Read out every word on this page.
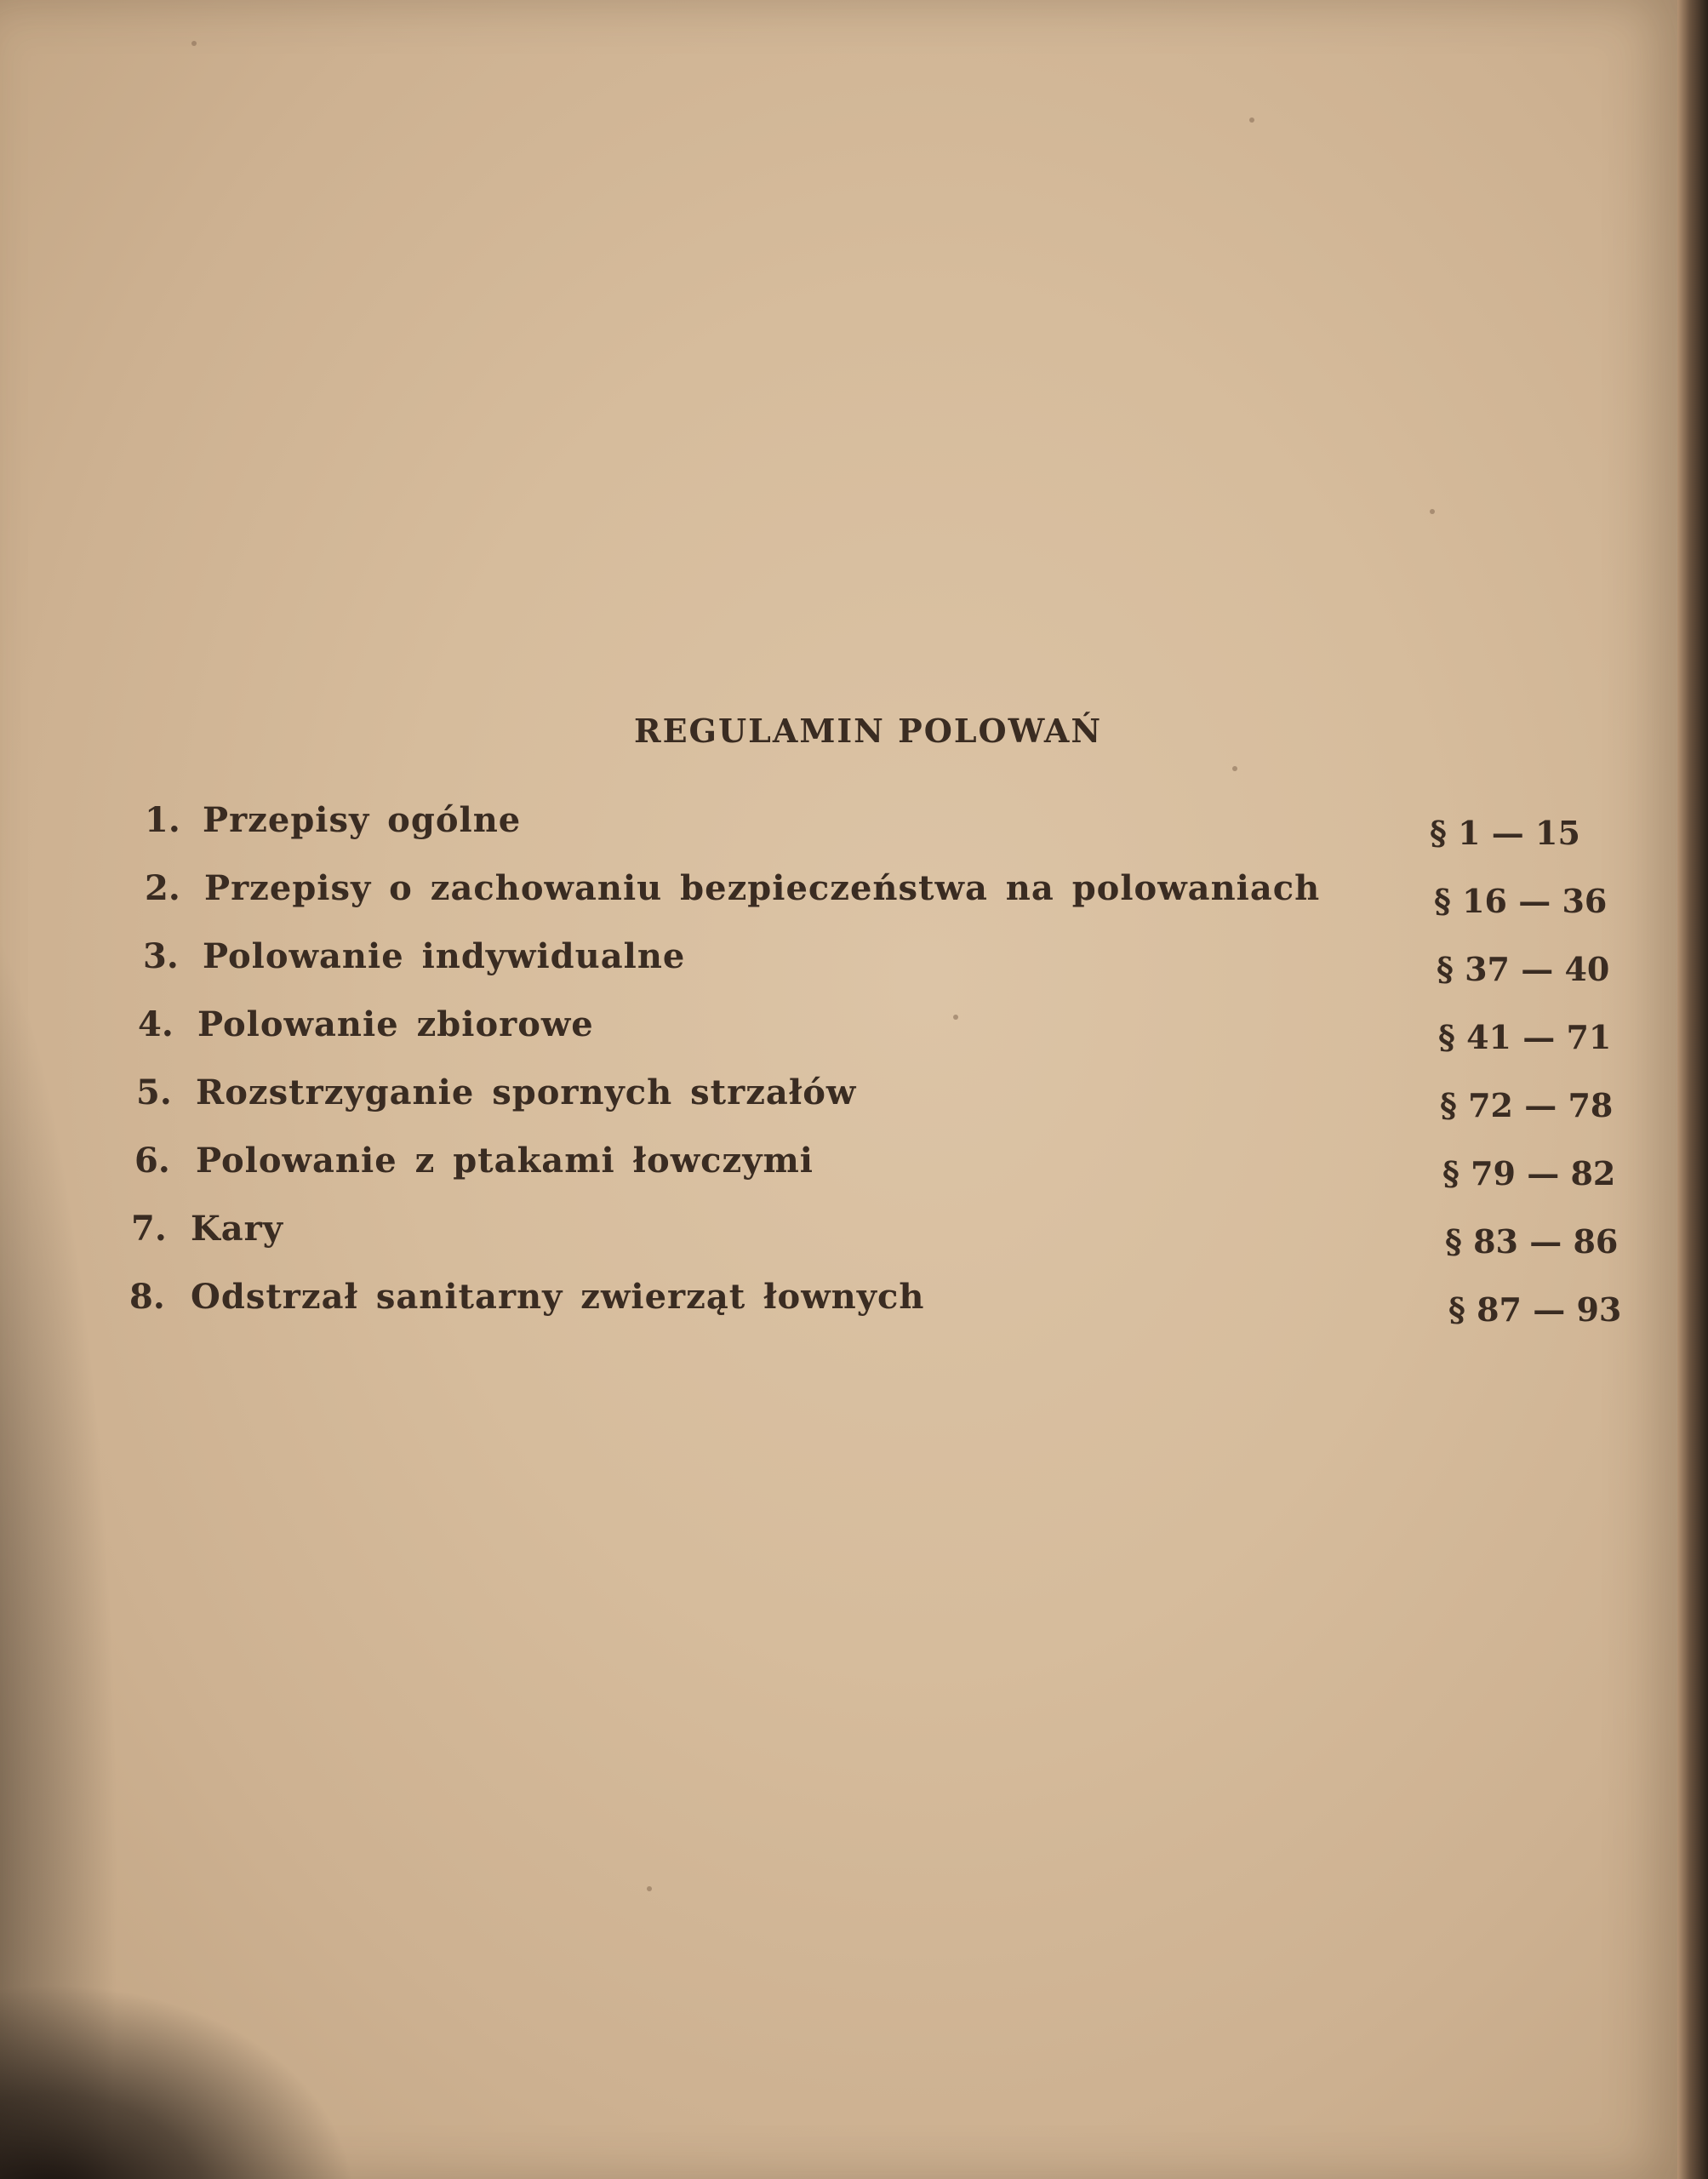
REGULAMIN POLOWAŃ
1. Przepisy ogólne	§ 1 — 15
2. Przepisy o zachowaniu bezpieczeństwa na polowaniach	§ 16 — 36
3. Polowanie indywidualne	§ 37 — 40
4. Polowanie zbiorowe	§ 41 — 71
5. Rozstrzyganie spornych strzałów	§ 72 — 78
6. Polowanie z ptakami łowczymi	§ 79 — 82
7. Kary	§ 83 — 86
8. Odstrzał sanitarny zwierząt łownych	§ 87 — 93
